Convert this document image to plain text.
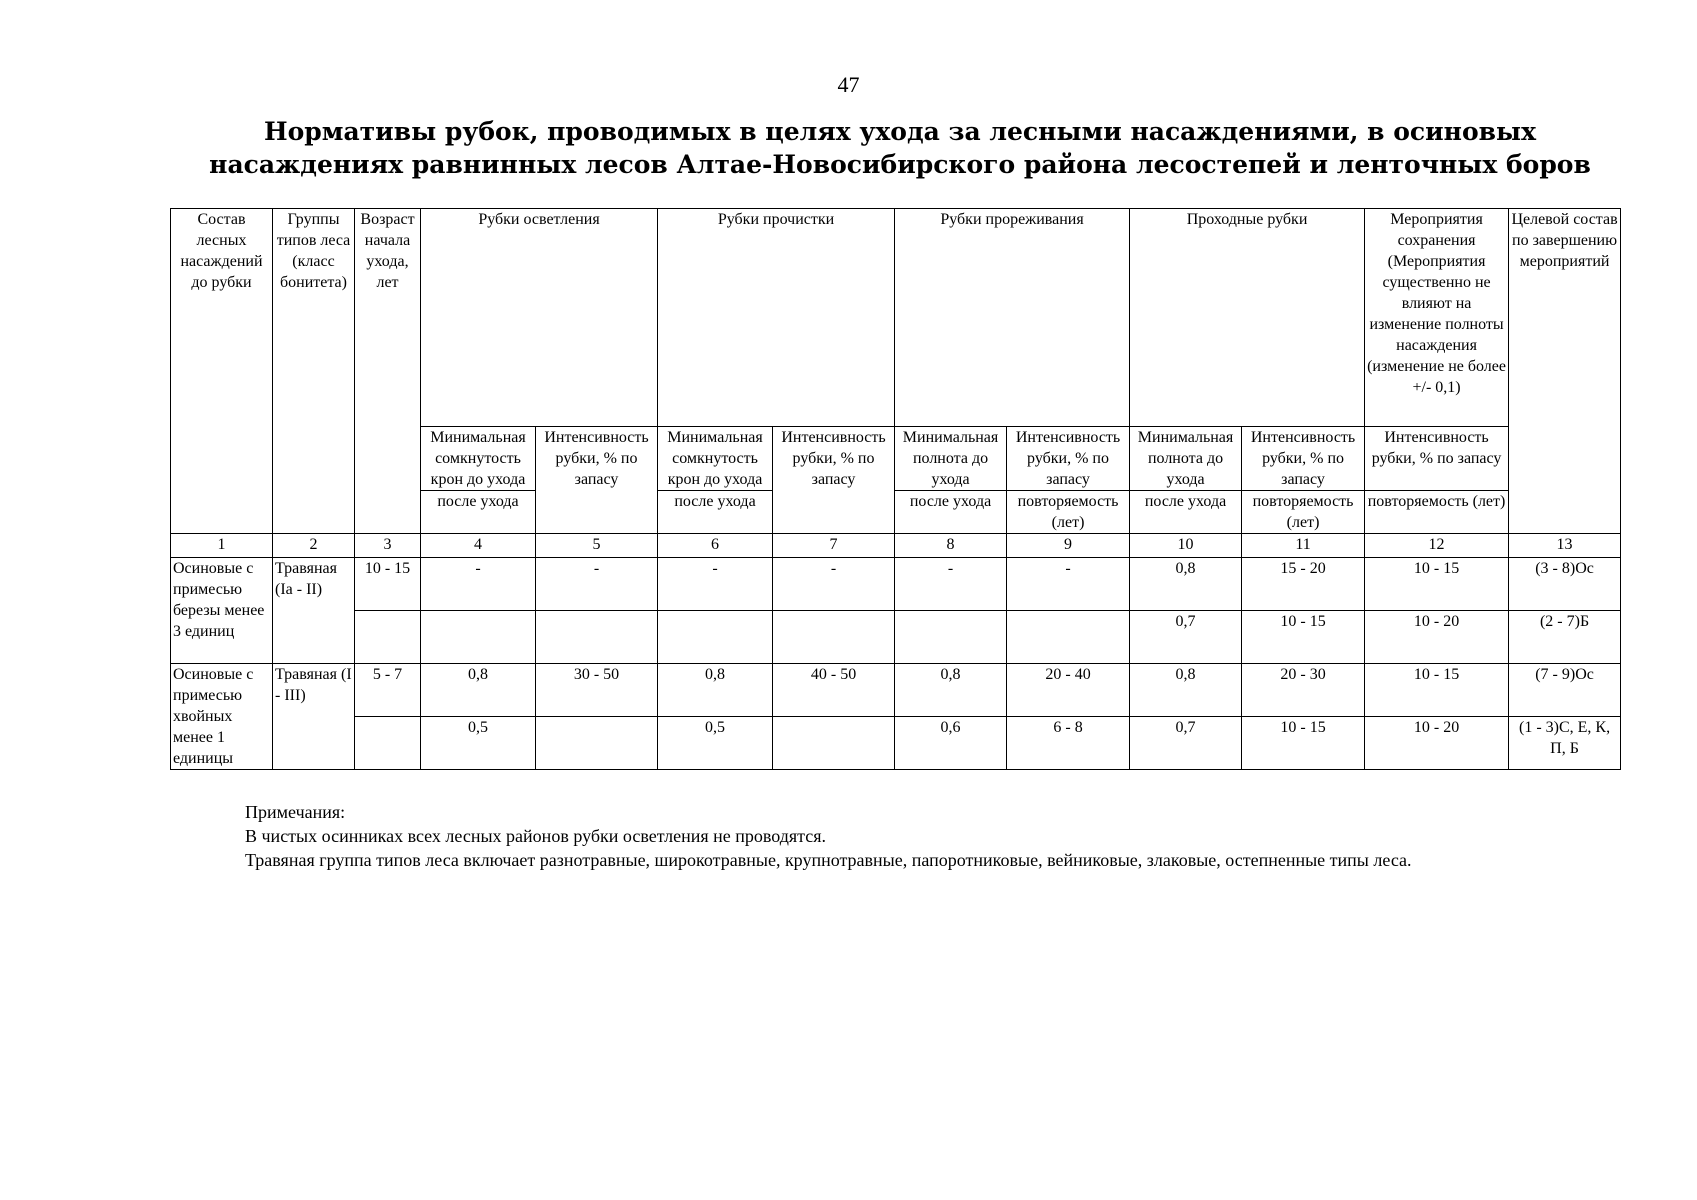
47
Нормативы рубок, проводимых в целях ухода за лесными насаждениями, в осиновых насаждениях равнинных лесов Алтае-Новосибирского района лесостепей и ленточных боров
Состав лесных насаждений до рубки	Группы типов леса (класс бонитета)	Возраст начала ухода, лет	Рубки осветления		Рубки прочистки		Рубки прореживания		Проходные рубки		Мероприятия сохранения (Мероприятия существенно не влияют на изменение полноты насаждения (изменение не более +/- 0,1)	Целевой состав по завершению мероприятий
			Минимальная сомкнутость крон до ухода	Интенсивность рубки, % по запасу	Минимальная сомкнутость крон до ухода	Интенсивность рубки, % по запасу	Минимальная полнота до ухода	Интенсивность рубки, % по запасу	Минимальная полнота до ухода	Интенсивность рубки, % по запасу	Интенсивность рубки, % по запасу	
			после ухода		после ухода		после ухода	повторяемость (лет)	после ухода	повторяемость (лет)	повторяемость (лет)	
1	2	3	4	5	6	7	8	9	10	11	12	13
Осиновые с примесью березы менее 3 единиц	Травяная (Ia - II)	10 - 15	-	-	-	-	-	-	0,8	15 - 20	10 - 15	(3 - 8)Ос
									0,7	10 - 15	10 - 20	(2 - 7)Б
Осиновые с примесью хвойных менее 1 единицы	Травяная (I - III)	5 - 7	0,8	30 - 50	0,8	40 - 50	0,8	20 - 40	0,8	20 - 30	10 - 15	(7 - 9)Ос
			0,5		0,5		0,6	6 - 8	0,7	10 - 15	10 - 20	(1 - 3)С, Е, К, П, Б
Примечания:
В чистых осинниках всех лесных районов рубки осветления не проводятся.
Травяная группа типов леса включает разнотравные, широкотравные, крупнотравные, папоротниковые, вейниковые, злаковые, остепненные типы леса.
